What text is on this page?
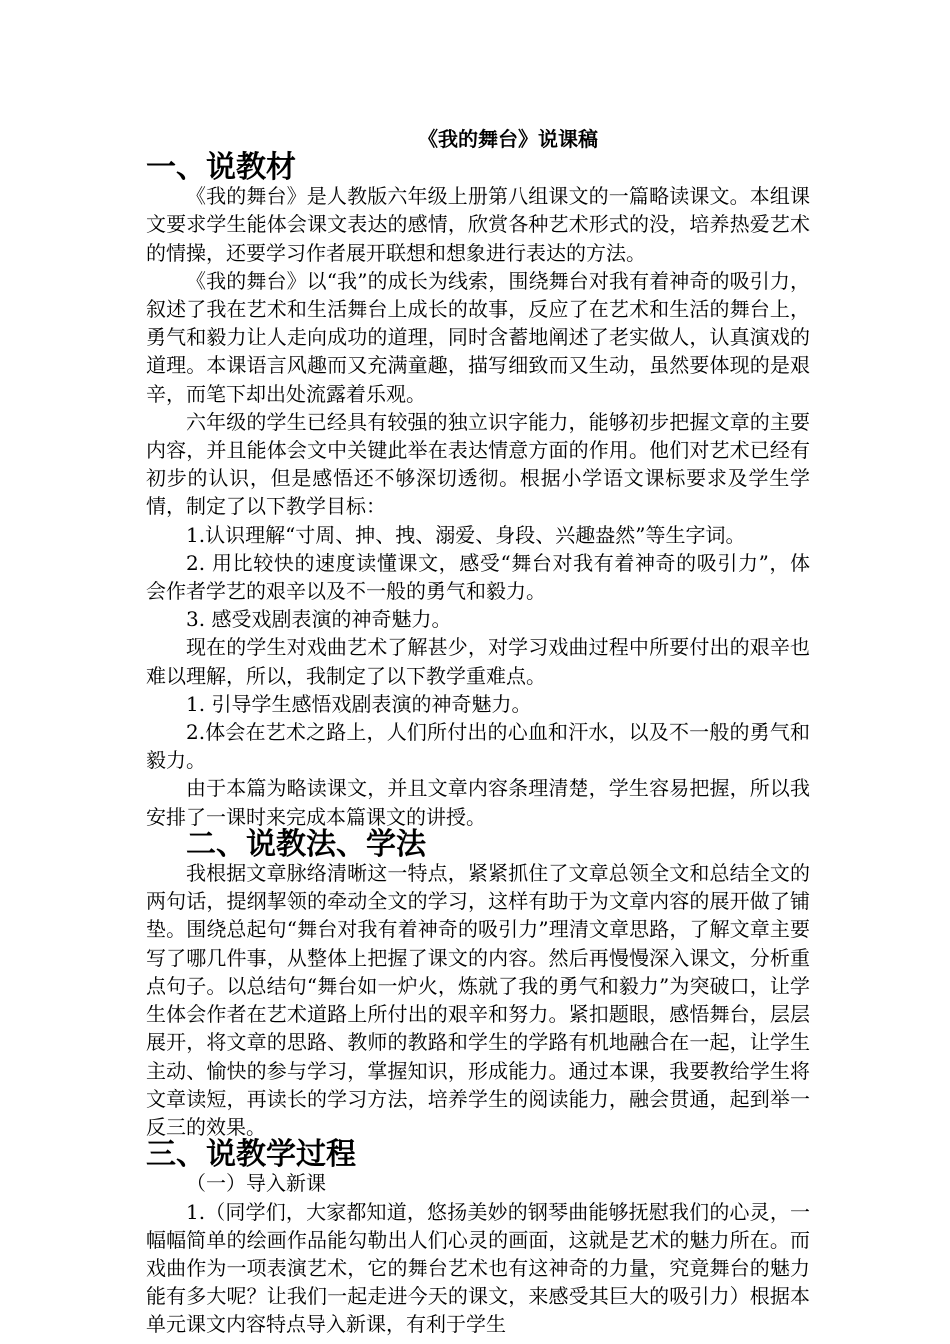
《我的舞台》说课稿
一、说教材

《我的舞台》是人教版六年级上册第八组课文的一篇略读课文。本组课文要求学生能体会课文表达的感情，欣赏各种艺术形式的没，培养热爱艺术的情操，还要学习作者展开联想和想象进行表达的方法。

《我的舞台》以“我”的成长为线索，围绕舞台对我有着神奇的吸引力，叙述了我在艺术和生活舞台上成长的故事，反应了在艺术和生活的舞台上，勇气和毅力让人走向成功的道理，同时含蓄地阐述了老实做人，认真演戏的道理。本课语言风趣而又充满童趣，描写细致而又生动，虽然要体现的是艰辛，而笔下却出处流露着乐观。

六年级的学生已经具有较强的独立识字能力，能够初步把握文章的主要内容，并且能体会文中关键此举在表达情意方面的作用。他们对艺术已经有初步的认识，但是感悟还不够深切透彻。根据小学语文课标要求及学生学情，制定了以下教学目标：

1.认识理解“寸周、抻、拽、溺爱、身段、兴趣盎然”等生字词。

2. 用比较快的速度读懂课文，感受“舞台对我有着神奇的吸引力”，体会作者学艺的艰辛以及不一般的勇气和毅力。

3. 感受戏剧表演的神奇魅力。

现在的学生对戏曲艺术了解甚少，对学习戏曲过程中所要付出的艰辛也难以理解，所以，我制定了以下教学重难点。

1. 引导学生感悟戏剧表演的神奇魅力。

2.体会在艺术之路上，人们所付出的心血和汗水，以及不一般的勇气和毅力。

由于本篇为略读课文，并且文章内容条理清楚，学生容易把握，所以我安排了一课时来完成本篇课文的讲授。

二、说教法、学法

我根据文章脉络清晰这一特点，紧紧抓住了文章总领全文和总结全文的两句话，提纲挈领的牵动全文的学习，这样有助于为文章内容的展开做了铺垫。围绕总起句“舞台对我有着神奇的吸引力”理清文章思路，了解文章主要写了哪几件事，从整体上把握了课文的内容。然后再慢慢深入课文，分析重点句子。以总结句“舞台如一炉火，炼就了我的勇气和毅力”为突破口，让学生体会作者在艺术道路上所付出的艰辛和努力。紧扣题眼，感悟舞台，层层展开，将文章的思路、教师的教路和学生的学路有机地融合在一起，让学生主动、愉快的参与学习，掌握知识，形成能力。通过本课，我要教给学生将文章读短，再读长的学习方法，培养学生的阅读能力，融会贯通，起到举一反三的效果。

三、说教学过程

（一）导入新课

1.（同学们，大家都知道，悠扬美妙的钢琴曲能够抚慰我们的心灵，一幅幅简单的绘画作品能勾勒出人们心灵的画面，这就是艺术的魅力所在。而戏曲作为一项表演艺术，它的舞台艺术也有这神奇的力量，究竟舞台的魅力能有多大呢？让我们一起走进今天的课文，来感受其巨大的吸引力）根据本单元课文内容特点导入新课，有利于学生
